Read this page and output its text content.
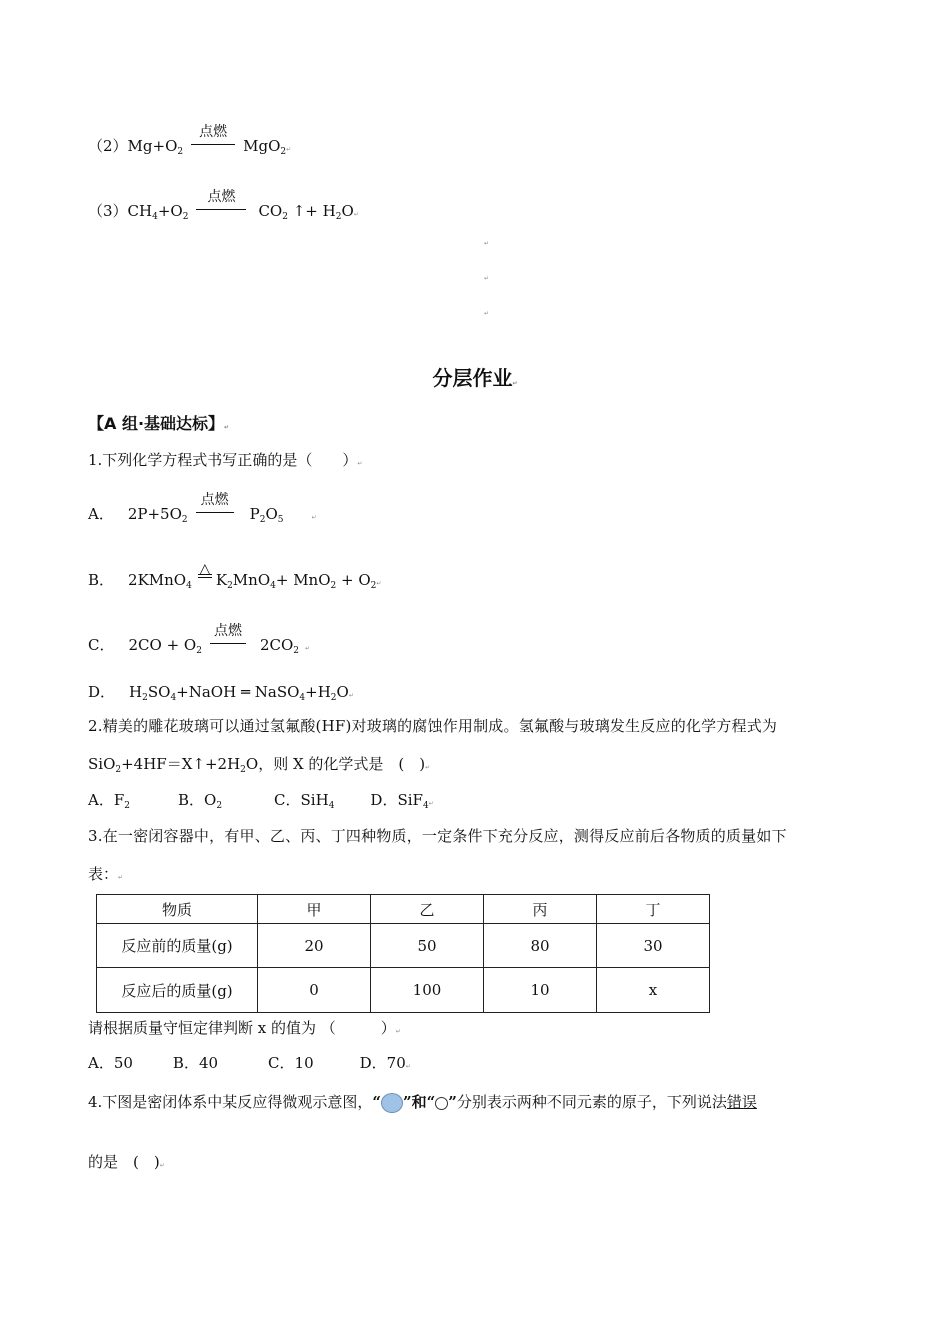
$(2)Mg+O_2$
点燃
MgO$_2$↵
$(3)CH_4+O_2$
点燃
$CO_2$ ↑+ $H_2O↵$
↵
↵
↵
分层作业↵
【A 组·基础达标】↵
1.下列化学方程式书写正确的是（　　）↵
A． $2P+5O_2$
点燃
$P_2O_5$	↵
B． 2KMnO$_4$
△
$K_2MnO_4+ MnO_2$ + $O_2↵$
C． $2CO + O_2$
点燃
$2CO_2$ ↵
D． $H_2SO_4+NaOH$ ═ $NaSO_4+H_2O↵$
2.精美的雕花玻璃可以通过氢氟酸(HF)对玻璃的腐蚀作用制成。氢氟酸与玻璃发生反应的化学方程式为
$SiO_2+4HF=X↑+2H_2O$，则 X 的化学式是　(　)↵
A．$F_2$	B．$O_2$	C．SiH$_4$ D．SiF$_4$↵
3.在一密闭容器中，有甲、乙、丙、丁四种物质，一定条件下充分反应，测得反应前后各物质的质量如下
表：↵
物质	甲	乙	丙	丁
反应前的质量(g)	20	50	80	30
反应后的质量(g)	0	100	10	x
请根据质量守恒定律判断 x 的值为 （　　　）↵
A．50	B．40	C．10	D．70↵
4.下图是密闭体系中某反应得微观示意图，“ ”和“ ”分别表示两种不同元素的原子，下列说法错误
的是　(　)↵
